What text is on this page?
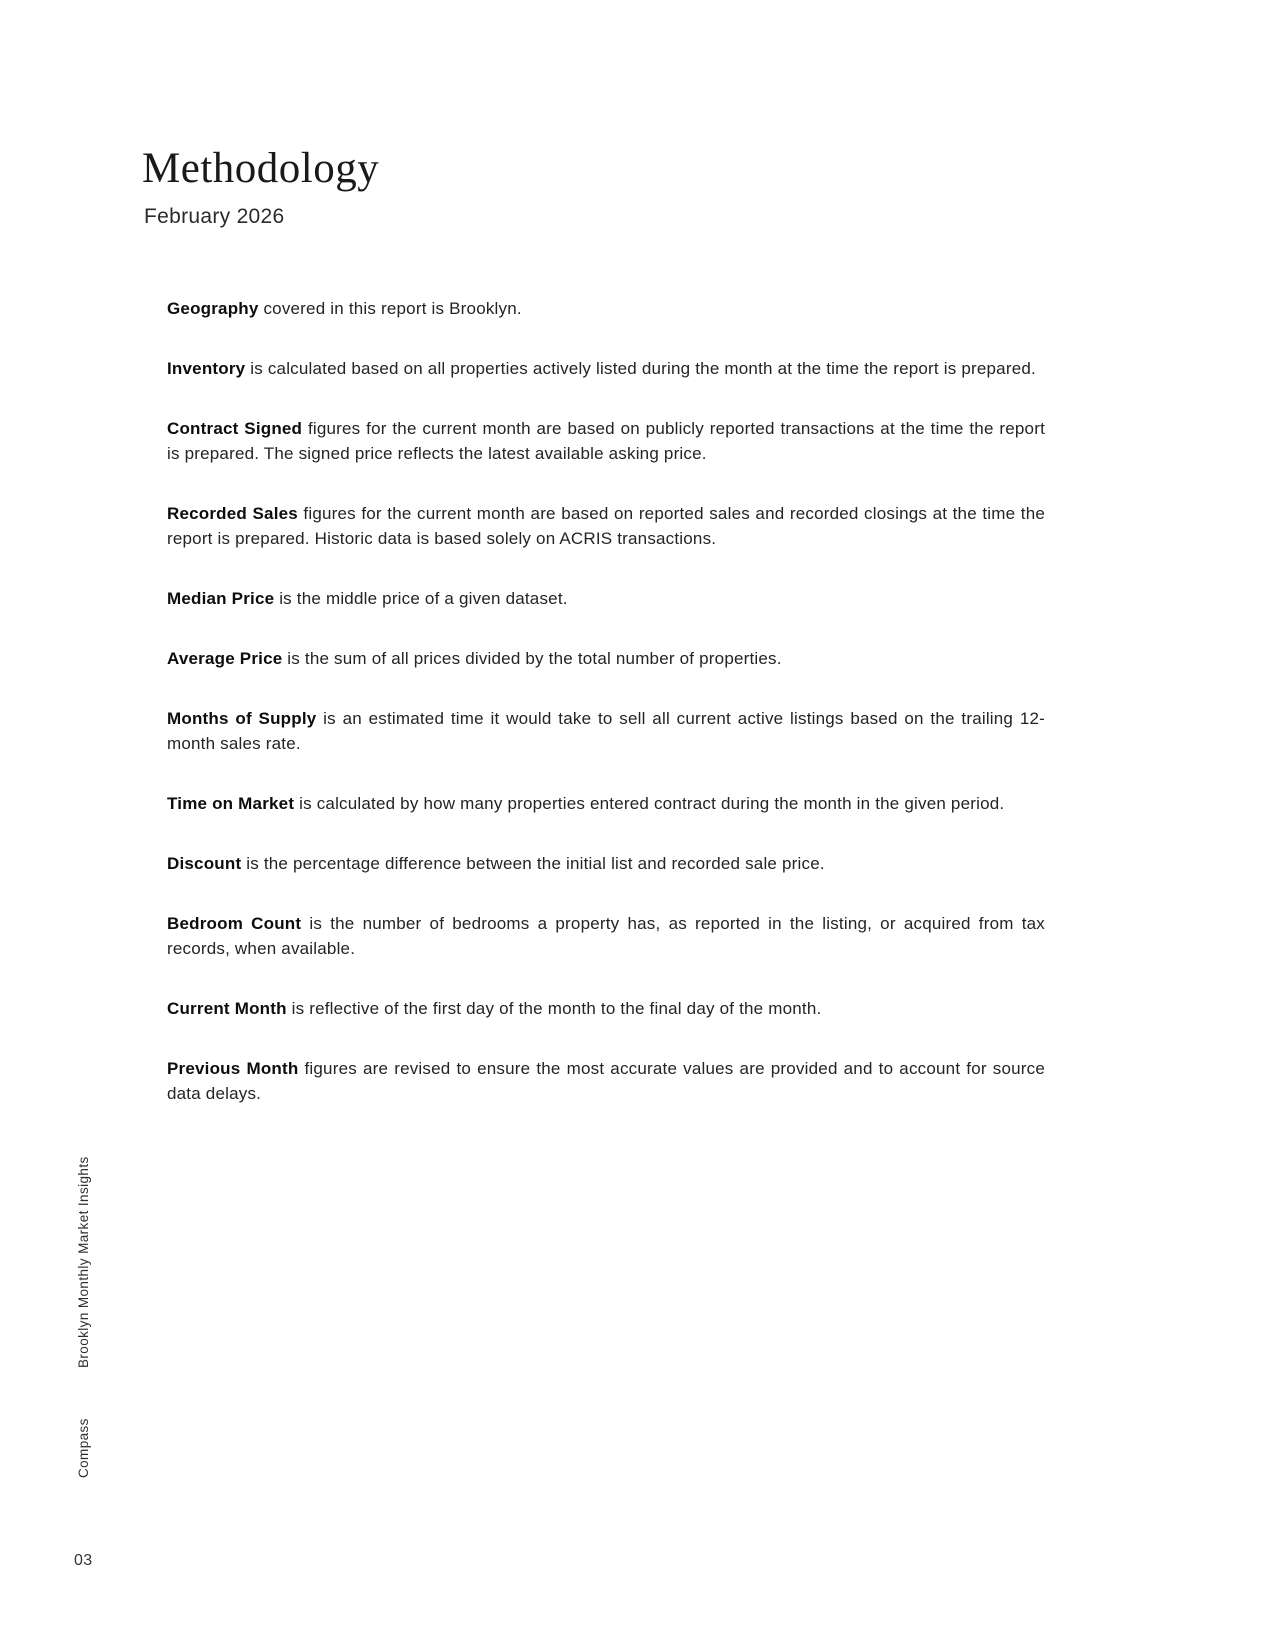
Methodology
February 2026

Geography covered in this report is Brooklyn.

Inventory is calculated based on all properties actively listed during the month at the time the report is prepared.

Contract Signed figures for the current month are based on publicly reported transactions at the time the report is prepared. The signed price reflects the latest available asking price.

Recorded Sales figures for the current month are based on reported sales and recorded closings at the time the report is prepared. Historic data is based solely on ACRIS transactions.

Median Price is the middle price of a given dataset.

Average Price is the sum of all prices divided by the total number of properties.

Months of Supply is an estimated time it would take to sell all current active listings based on the trailing 12-month sales rate.

Time on Market is calculated by how many properties entered contract during the month in the given period.

Discount is the percentage difference between the initial list and recorded sale price.

Bedroom Count is the number of bedrooms a property has, as reported in the listing, or acquired from tax records, when available.

Current Month is reflective of the first day of the month to the final day of the month.

Previous Month figures are revised to ensure the most accurate values are provided and to account for source data delays.

Brooklyn Monthly Market Insights
Compass
03
